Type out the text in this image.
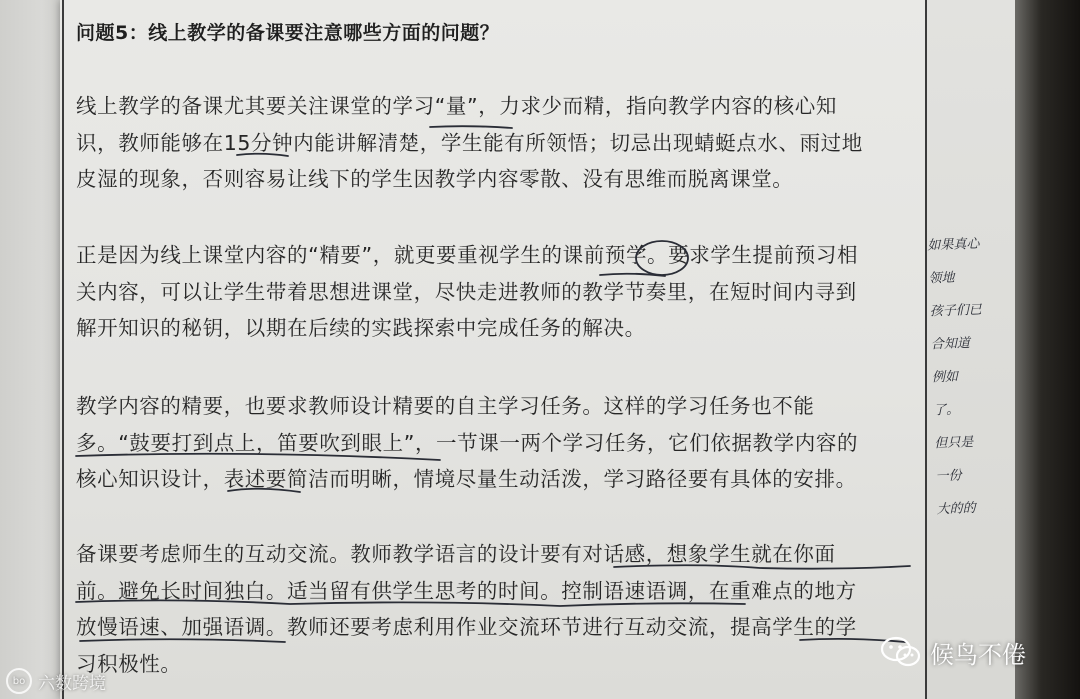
问题5：线上教学的备课要注意哪些方面的问题？
线上教学的备课尤其要关注课堂的学习“量”，力求少而精，指向教学内容的核心知
识，教师能够在15分钟内能讲解清楚，学生能有所领悟；切忌出现蜻蜓点水、雨过地
皮湿的现象，否则容易让线下的学生因教学内容零散、没有思维而脱离课堂。
正是因为线上课堂内容的“精要”，就更要重视学生的课前预学。要求学生提前预习相
关内容，可以让学生带着思想进课堂，尽快走进教师的教学节奏里，在短时间内寻到
解开知识的秘钥，以期在后续的实践探索中完成任务的解决。
教学内容的精要，也要求教师设计精要的自主学习任务。这样的学习任务也不能
多。“鼓要打到点上，笛要吹到眼上”，一节课一两个学习任务，它们依据教学内容的
核心知识设计，表述要简洁而明晰，情境尽量生动活泼，学习路径要有具体的安排。
备课要考虑师生的互动交流。教师教学语言的设计要有对话感，想象学生就在你面
前。避免长时间独白。适当留有供学生思考的时间。控制语速语调，在重难点的地方
放慢语速、加强语调。教师还要考虑利用作业交流环节进行互动交流，提高学生的学
习积极性。
如果真心
领地
孩子们已
合知道
例如
了。
但只是
一份
大的的
bo 六数跨境
候鸟不倦
